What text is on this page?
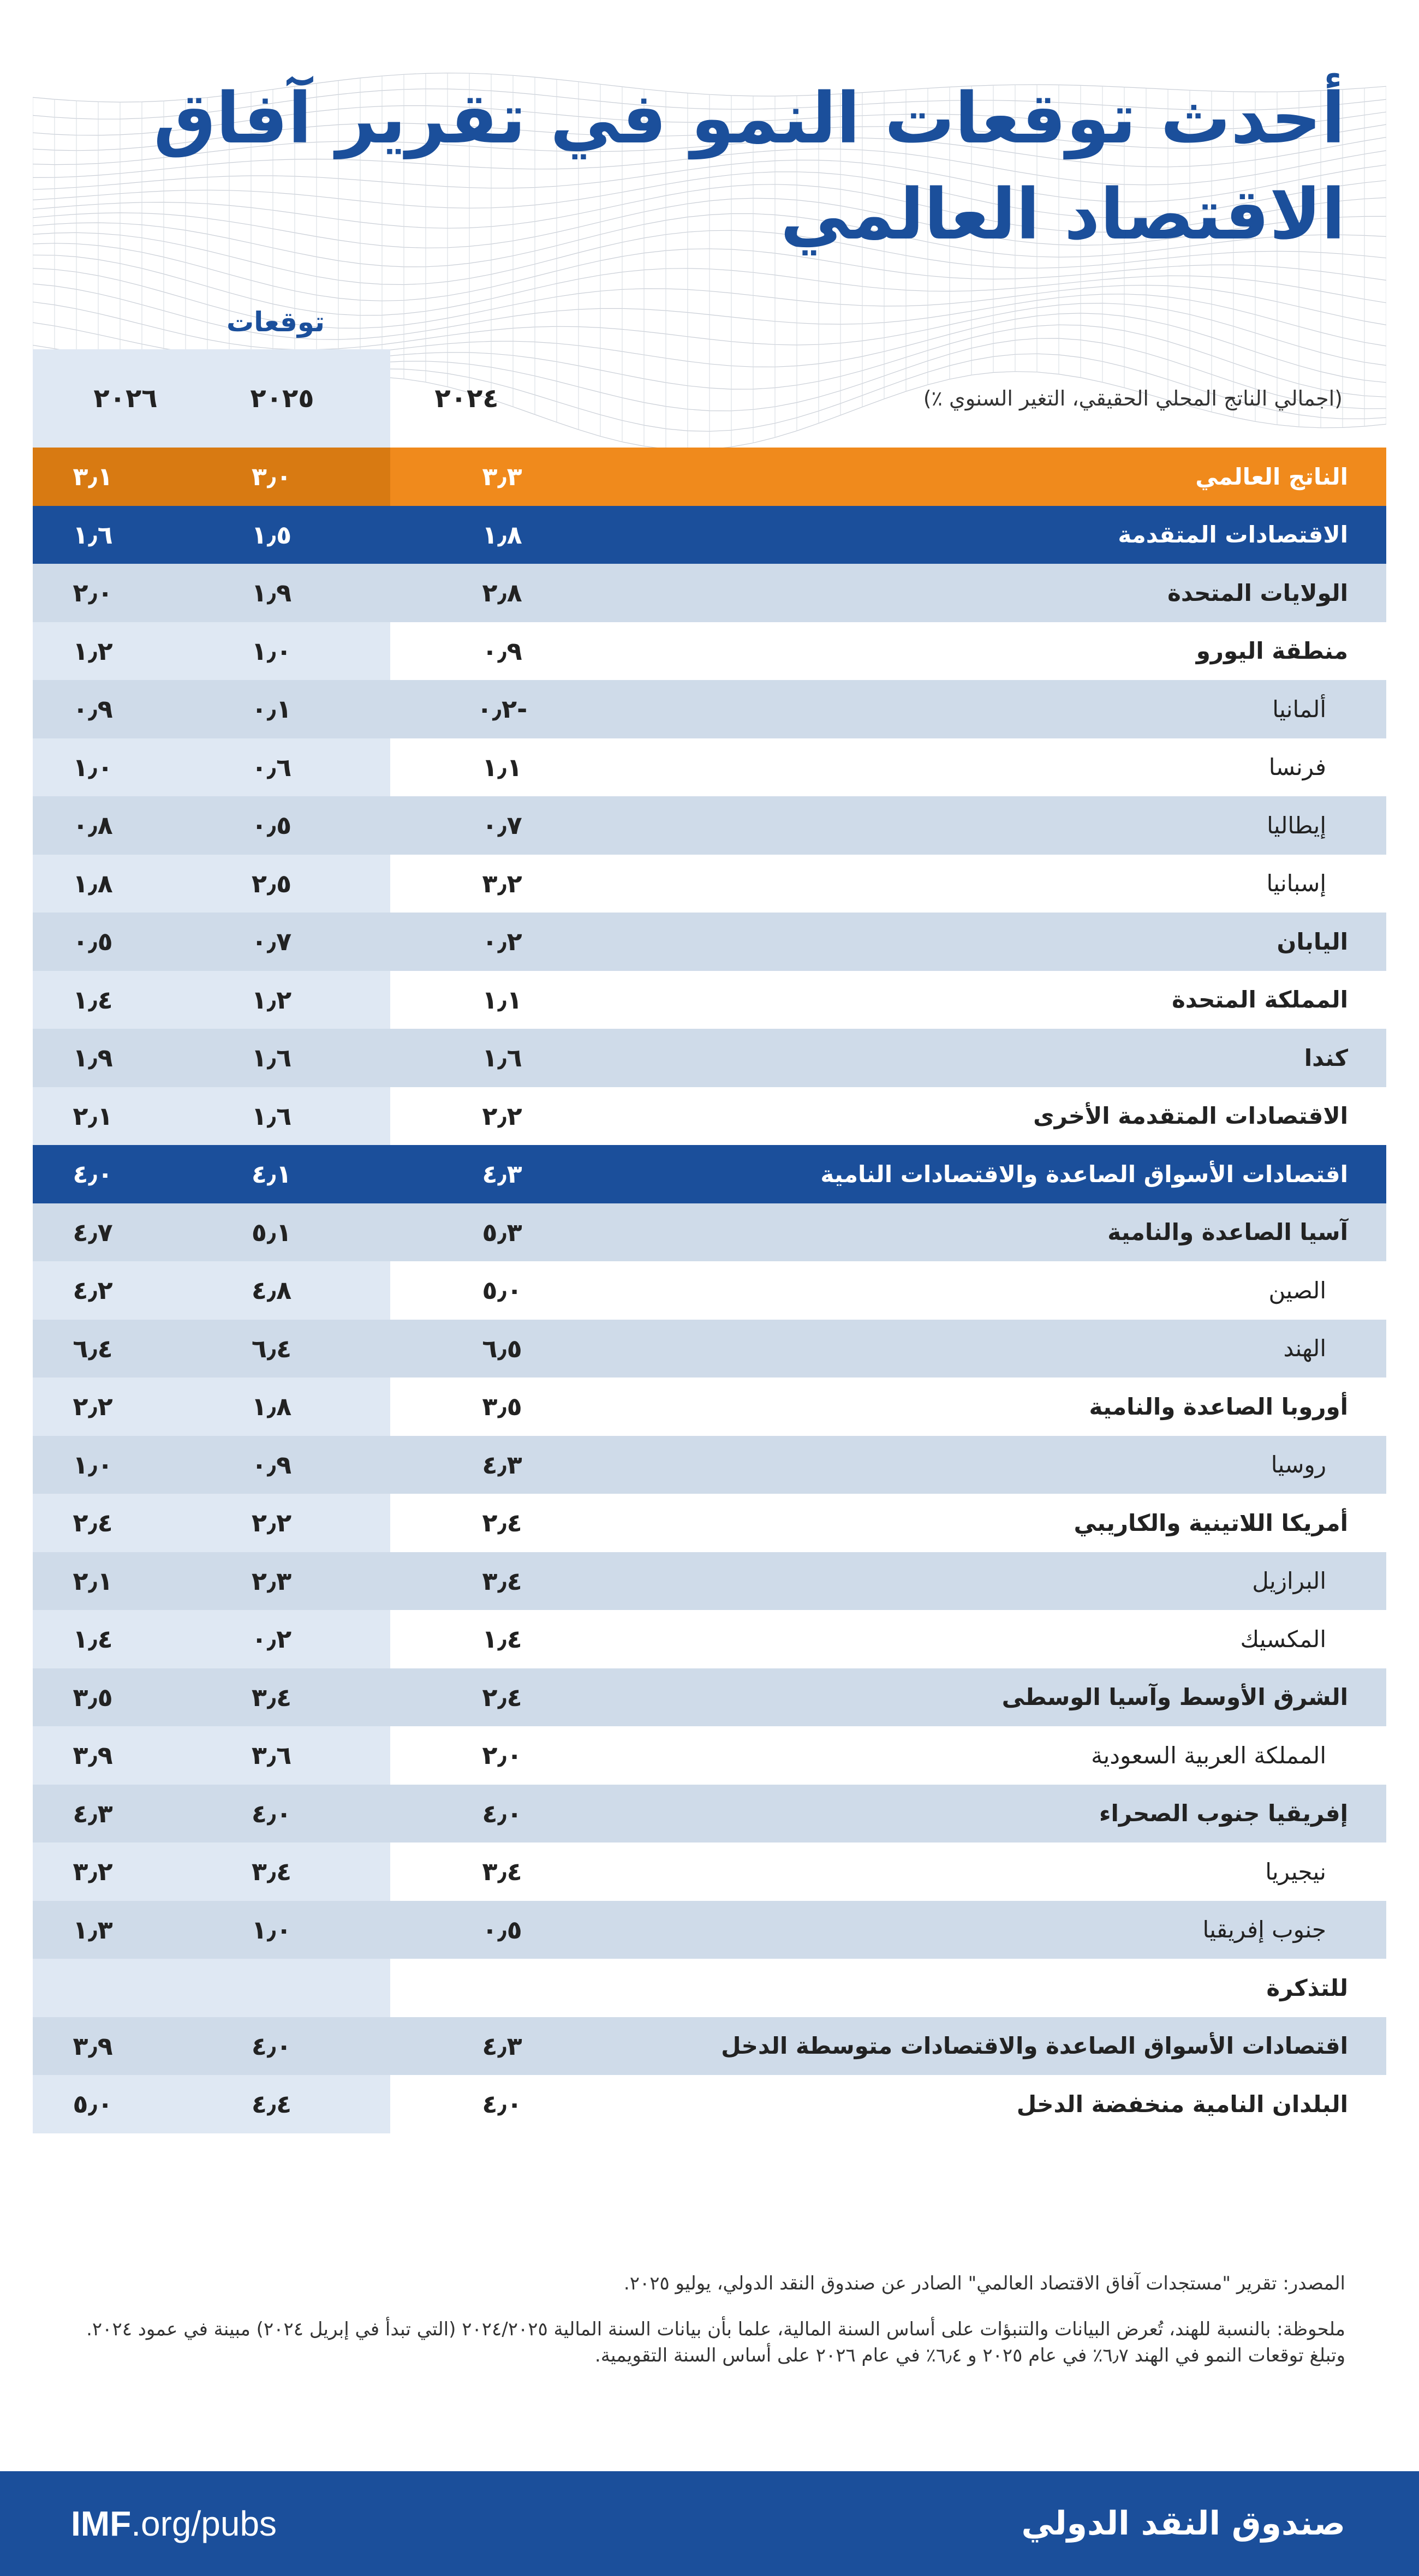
أحدث توقعات النمو في تقرير آفاق
الاقتصاد العالمي
توقعات
٢٠٢٦	٢٠٢٥	٢٠٢٤	(اجمالي الناتج المحلي الحقيقي، التغير السنوي ٪)
٣٫١	٣٫٠	٣٫٣	الناتج العالمي
١٫٦	١٫٥	١٫٨	الاقتصادات المتقدمة
٢٫٠	١٫٩	٢٫٨	الولايات المتحدة
١٫٢	١٫٠	٠٫٩	منطقة اليورو
٠٫٩	٠٫١	-٠٫٢	ألمانيا
١٫٠	٠٫٦	١٫١	فرنسا
٠٫٨	٠٫٥	٠٫٧	إيطاليا
١٫٨	٢٫٥	٣٫٢	إسبانيا
٠٫٥	٠٫٧	٠٫٢	اليابان
١٫٤	١٫٢	١٫١	المملكة المتحدة
١٫٩	١٫٦	١٫٦	كندا
٢٫١	١٫٦	٢٫٢	الاقتصادات المتقدمة الأخرى
٤٫٠	٤٫١	٤٫٣	اقتصادات الأسواق الصاعدة والاقتصادات النامية
٤٫٧	٥٫١	٥٫٣	آسيا الصاعدة والنامية
٤٫٢	٤٫٨	٥٫٠	الصين
٦٫٤	٦٫٤	٦٫٥	الهند
٢٫٢	١٫٨	٣٫٥	أوروبا الصاعدة والنامية
١٫٠	٠٫٩	٤٫٣	روسيا
٢٫٤	٢٫٢	٢٫٤	أمريكا اللاتينية والكاريبي
٢٫١	٢٫٣	٣٫٤	البرازيل
١٫٤	٠٫٢	١٫٤	المكسيك
٣٫٥	٣٫٤	٢٫٤	الشرق الأوسط وآسيا الوسطى
٣٫٩	٣٫٦	٢٫٠	المملكة العربية السعودية
٤٫٣	٤٫٠	٤٫٠	إفريقيا جنوب الصحراء
٣٫٢	٣٫٤	٣٫٤	نيجيريا
١٫٣	١٫٠	٠٫٥	جنوب إفريقيا
للتذكرة
٣٫٩	٤٫٠	٤٫٣	اقتصادات الأسواق الصاعدة والاقتصادات متوسطة الدخل
٥٫٠	٤٫٤	٤٫٠	البلدان النامية منخفضة الدخل

المصدر: تقرير "مستجدات آفاق الاقتصاد العالمي" الصادر عن صندوق النقد الدولي، يوليو ٢٠٢٥.

ملحوظة: بالنسبة للهند، تُعرض البيانات والتنبؤات على أساس السنة المالية، علما بأن بيانات السنة المالية ٢٠٢٤/٢٠٢٥ (التي تبدأ في إبريل ٢٠٢٤) مبينة في عمود ٢٠٢٤. وتبلغ توقعات النمو في الهند ٦٫٧٪ في عام ٢٠٢٥ و ٦٫٤٪ في عام ٢٠٢٦ على أساس السنة التقويمية.

IMF.org/pubs	صندوق النقد الدولي
